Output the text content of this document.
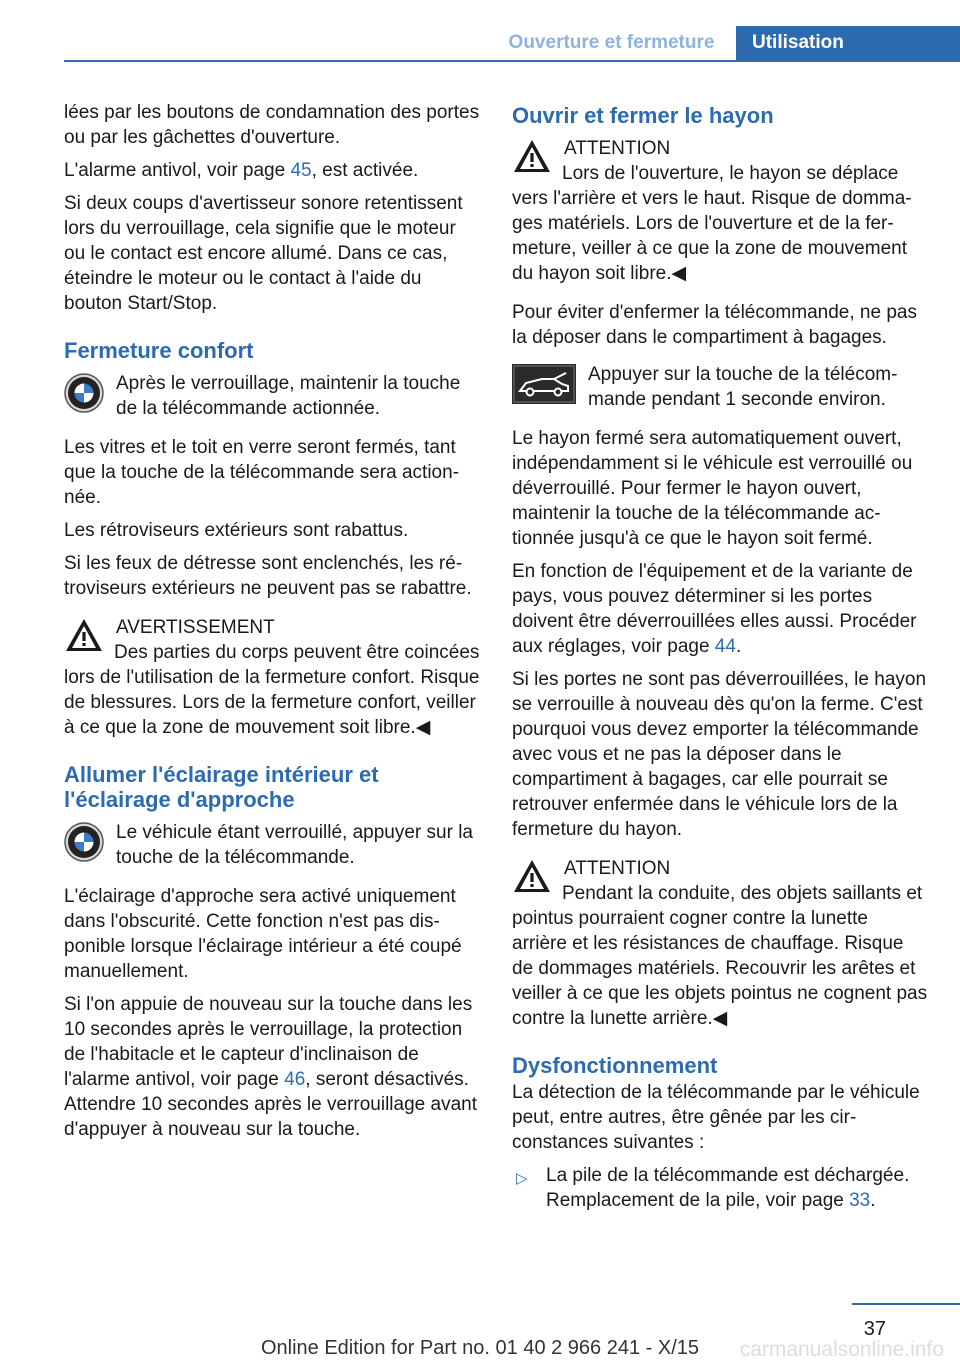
Ouverture et fermeture	Utilisation

lées par les boutons de condamnation des portes ou par les gâchettes d'ouverture.

L'alarme antivol, voir page 45, est activée.

Si deux coups d'avertisseur sonore retentissent lors du verrouillage, cela signifie que le moteur ou le contact est encore allumé. Dans ce cas, éteindre le moteur ou le contact à l'aide du bouton Start/Stop.

Fermeture confort
Après le verrouillage, maintenir la touche de la télécommande actionnée.

Les vitres et le toit en verre seront fermés, tant que la touche de la télécommande sera actionnée.

Les rétroviseurs extérieurs sont rabattus.

Si les feux de détresse sont enclenchés, les rétroviseurs extérieurs ne peuvent pas se rabattre.

AVERTISSEMENT
Des parties du corps peuvent être coincées lors de l'utilisation de la fermeture confort. Risque de blessures. Lors de la fermeture confort, veiller à ce que la zone de mouvement soit libre.◀
Allumer l'éclairage intérieur et l'éclairage d'approche
Le véhicule étant verrouillé, appuyer sur la touche de la télécommande.

L'éclairage d'approche sera activé uniquement dans l'obscurité. Cette fonction n'est pas disponible lorsque l'éclairage intérieur a été coupé manuellement.

Si l'on appuie de nouveau sur la touche dans les 10 secondes après le verrouillage, la protection de l'habitacle et le capteur d'inclinaison de l'alarme antivol, voir page 46, seront désactivés. Attendre 10 secondes après le verrouillage avant d'appuyer à nouveau sur la touche.

Ouvrir et fermer le hayon
ATTENTION
Lors de l'ouverture, le hayon se déplace vers l'arrière et vers le haut. Risque de dommages matériels. Lors de l'ouverture et de la fermeture, veiller à ce que la zone de mouvement du hayon soit libre.◀

Pour éviter d'enfermer la télécommande, ne pas la déposer dans le compartiment à bagages.

Appuyer sur la touche de la télécommande pendant 1 seconde environ.

Le hayon fermé sera automatiquement ouvert, indépendamment si le véhicule est verrouillé ou déverrouillé. Pour fermer le hayon ouvert, maintenir la touche de la télécommande actionnée jusqu'à ce que le hayon soit fermé.

En fonction de l'équipement et de la variante de pays, vous pouvez déterminer si les portes doivent être déverrouillées elles aussi. Procéder aux réglages, voir page 44.

Si les portes ne sont pas déverrouillées, le hayon se verrouille à nouveau dès qu'on la ferme. C'est pourquoi vous devez emporter la télécommande avec vous et ne pas la déposer dans le compartiment à bagages, car elle pourrait se retrouver enfermée dans le véhicule lors de la fermeture du hayon.

ATTENTION
Pendant la conduite, des objets saillants et pointus pourraient cogner contre la lunette arrière et les résistances de chauffage. Risque de dommages matériels. Recouvrir les arêtes et veiller à ce que les objets pointus ne cognent pas contre la lunette arrière.◀
Dysfonctionnement

La détection de la télécommande par le véhicule peut, entre autres, être gênée par les circonstances suivantes :

▷ La pile de la télécommande est déchargée.
Remplacement de la pile, voir page 33.
37
Online Edition for Part no. 01 40 2 966 241 - X/15	carmanualsonline.info
